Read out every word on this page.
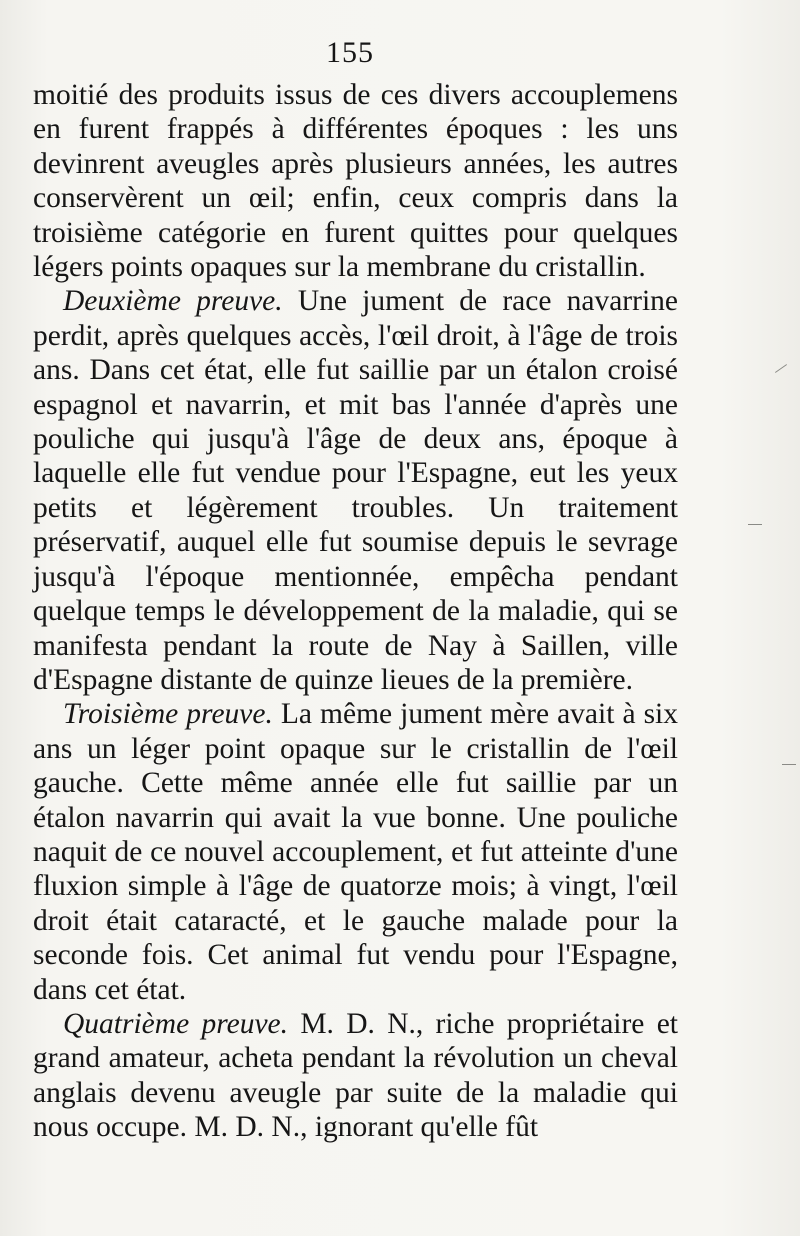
155

moitié des produits issus de ces divers accouplemens en furent frappés à différentes époques : les uns devinrent aveugles après plusieurs années, les autres conservèrent un œil; enfin, ceux compris dans la troisième catégorie en furent quittes pour quelques légers points opaques sur la membrane du cristallin.

Deuxième preuve. Une jument de race navarrine perdit, après quelques accès, l'œil droit, à l'âge de trois ans. Dans cet état, elle fut saillie par un étalon croisé espagnol et navarrin, et mit bas l'année d'après une pouliche qui jusqu'à l'âge de deux ans, époque à laquelle elle fut vendue pour l'Espagne, eut les yeux petits et légèrement troubles. Un traitement préservatif, auquel elle fut soumise depuis le sevrage jusqu'à l'époque mentionnée, empêcha pendant quelque temps le développement de la maladie, qui se manifesta pendant la route de Nay à Saillen, ville d'Espagne distante de quinze lieues de la première.

Troisième preuve. La même jument mère avait à six ans un léger point opaque sur le cristallin de l'œil gauche. Cette même année elle fut saillie par un étalon navarrin qui avait la vue bonne. Une pouliche naquit de ce nouvel accouplement, et fut atteinte d'une fluxion simple à l'âge de quatorze mois; à vingt, l'œil droit était cataracté, et le gauche malade pour la seconde fois. Cet animal fut vendu pour l'Espagne, dans cet état.

Quatrième preuve. M. D. N., riche propriétaire et grand amateur, acheta pendant la révolution un cheval anglais devenu aveugle par suite de la maladie qui nous occupe. M. D. N., ignorant qu'elle fût
